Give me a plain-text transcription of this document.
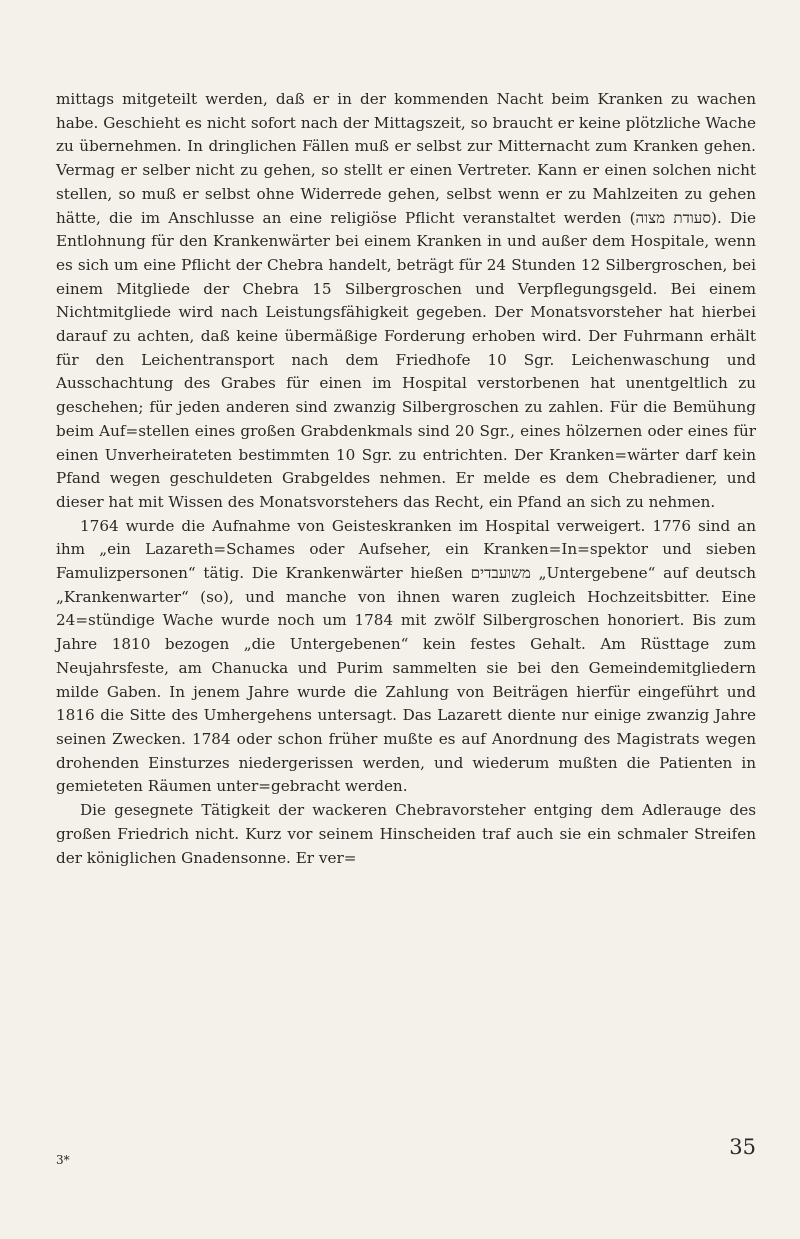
mittags mitgeteilt werden, daß er in der kommenden Nacht beim Kranken zu wachen habe. Geschieht es nicht sofort nach der Mittagszeit, so braucht er keine plötzliche Wache zu übernehmen. In dringlichen Fällen muß er selbst zur Mitternacht zum Kranken gehen. Vermag er selber nicht zu gehen, so stellt er einen Vertreter. Kann er einen solchen nicht stellen, so muß er selbst ohne Widerrede gehen, selbst wenn er zu Mahlzeiten zu gehen hätte, die im Anschlusse an eine religiöse Pflicht veranstaltet werden (סעודת מצוה). Die Entlohnung für den Krankenwärter bei einem Kranken in und außer dem Hospitale, wenn es sich um eine Pflicht der Chebra handelt, beträgt für 24 Stunden 12 Silbergroschen, bei einem Mitgliede der Chebra 15 Silbergroschen und Verpflegungsgeld. Bei einem Nichtmitgliede wird nach Leistungsfähigkeit gegeben. Der Monatsvorsteher hat hierbei darauf zu achten, daß keine übermäßige Forderung erhoben wird. Der Fuhrmann erhält für den Leichentransport nach dem Friedhofe 10 Sgr. Leichenwaschung und Ausschachtung des Grabes für einen im Hospital verstorbenen hat unentgeltlich zu geschehen; für jeden anderen sind zwanzig Silbergroschen zu zahlen. Für die Bemühung beim Auf=stellen eines großen Grabdenkmals sind 20 Sgr., eines hölzernen oder eines für einen Unverheirateten bestimmten 10 Sgr. zu entrichten. Der Kranken=wärter darf kein Pfand wegen geschuldeten Grabgeldes nehmen. Er melde es dem Chebradiener, und dieser hat mit Wissen des Monatsvorstehers das Recht, ein Pfand an sich zu nehmen.

1764 wurde die Aufnahme von Geisteskranken im Hospital verweigert. 1776 sind an ihm „ein Lazareth=Schames oder Aufseher, ein Kranken=In=spektor und sieben Famulizpersonen“ tätig. Die Krankenwärter hießen משועבדים „Untergebene“ auf deutsch „Krankenwarter“ (so), und manche von ihnen waren zugleich Hochzeitsbitter. Eine 24=stündige Wache wurde noch um 1784 mit zwölf Silbergroschen honoriert. Bis zum Jahre 1810 bezogen „die Untergebenen“ kein festes Gehalt. Am Rüsttage zum Neujahrsfeste, am Chanucka und Purim sammelten sie bei den Gemeindemitgliedern milde Gaben. In jenem Jahre wurde die Zahlung von Beiträgen hierfür eingeführt und 1816 die Sitte des Umhergehens untersagt. Das Lazarett diente nur einige zwanzig Jahre seinen Zwecken. 1784 oder schon früher mußte es auf Anordnung des Magistrats wegen drohenden Einsturzes niedergerissen werden, und wiederum mußten die Patienten in gemieteten Räumen unter=gebracht werden.

Die gesegnete Tätigkeit der wackeren Chebravorsteher entging dem Adlerauge des großen Friedrich nicht. Kurz vor seinem Hinscheiden traf auch sie ein schmaler Streifen der königlichen Gnadensonne. Er ver=

3*
35
